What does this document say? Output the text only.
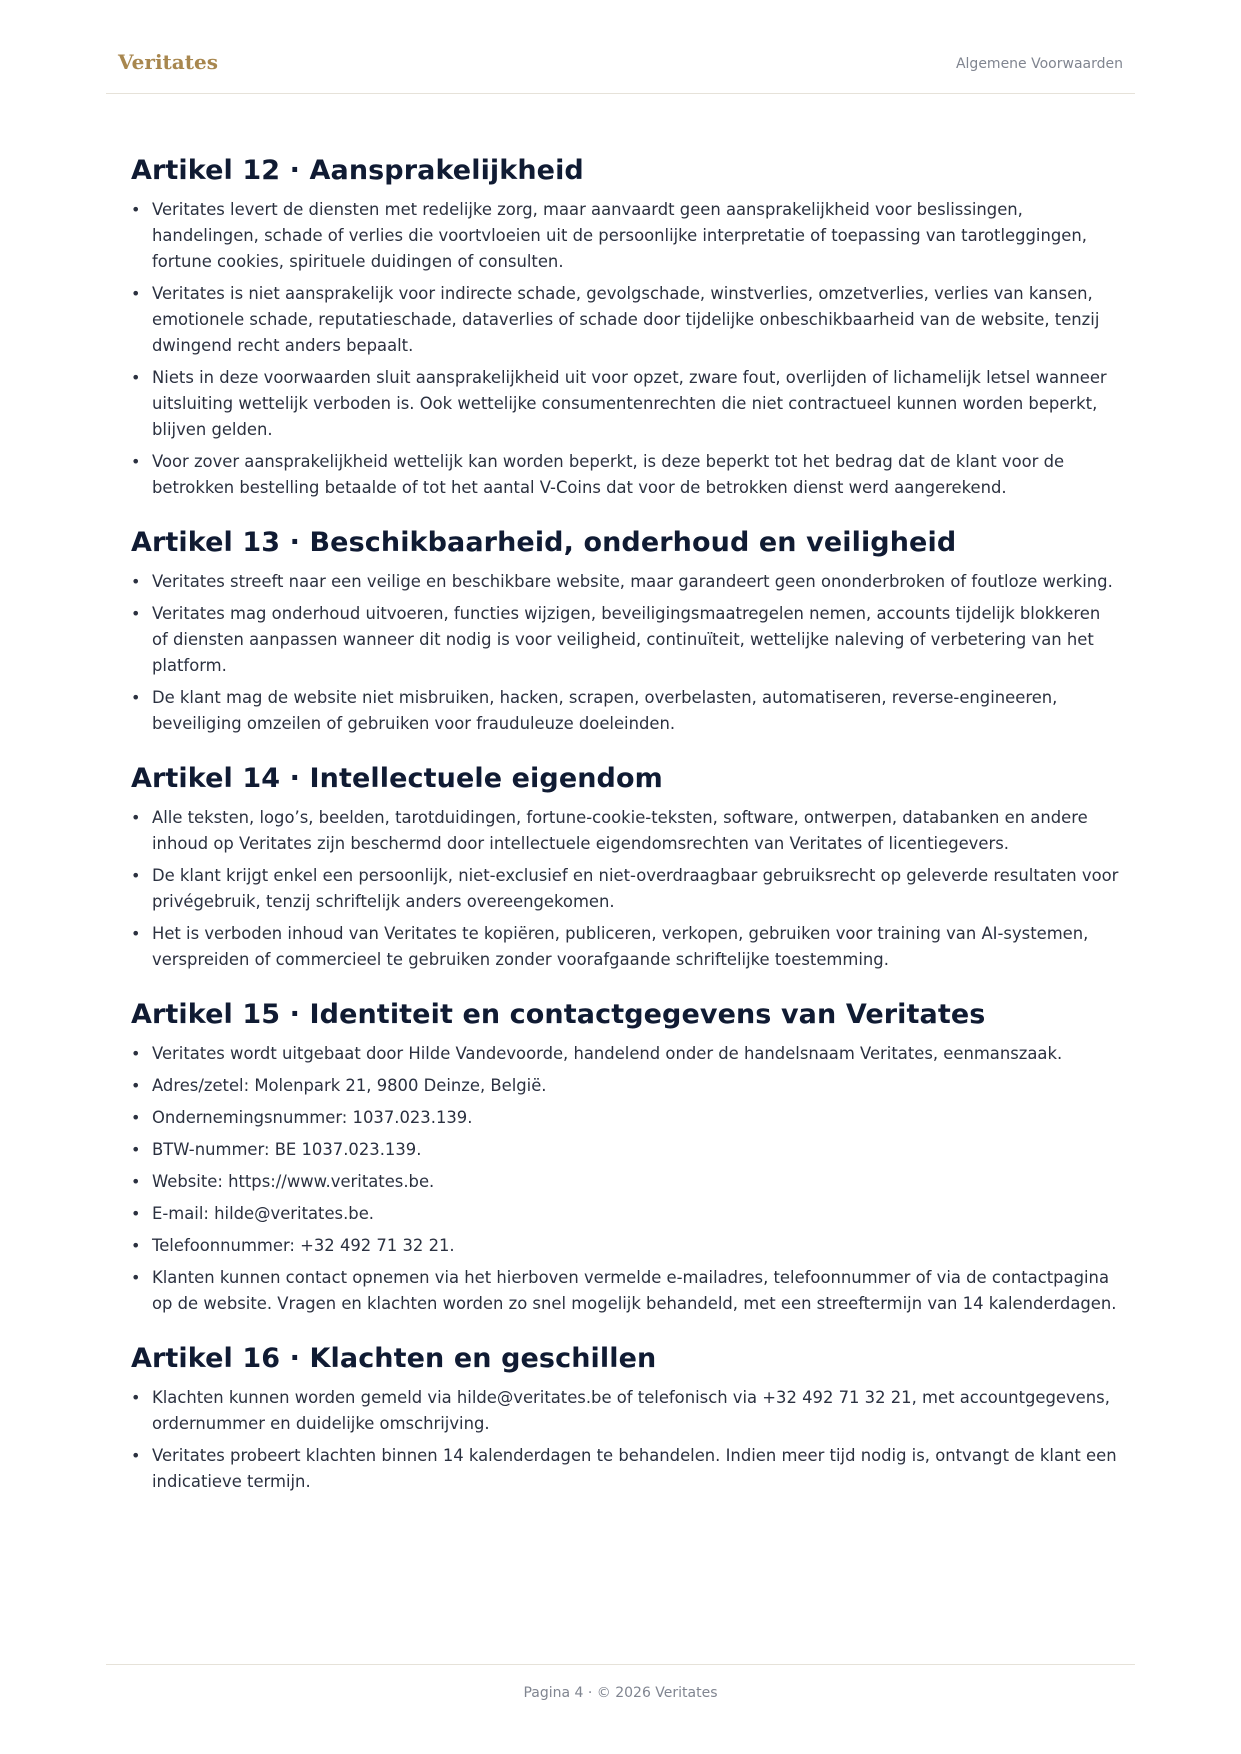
Veritates	Algemene Voorwaarden
Artikel 12 · Aansprakelijkheid
• Veritates levert de diensten met redelijke zorg, maar aanvaardt geen aansprakelijkheid voor beslissingen, handelingen, schade of verlies die voortvloeien uit de persoonlijke interpretatie of toepassing van tarotleggingen, fortune cookies, spirituele duidingen of consulten.
• Veritates is niet aansprakelijk voor indirecte schade, gevolgschade, winstverlies, omzetverlies, verlies van kansen, emotionele schade, reputatieschade, dataverlies of schade door tijdelijke onbeschikbaarheid van de website, tenzij dwingend recht anders bepaalt.
• Niets in deze voorwaarden sluit aansprakelijkheid uit voor opzet, zware fout, overlijden of lichamelijk letsel wanneer uitsluiting wettelijk verboden is. Ook wettelijke consumentenrechten die niet contractueel kunnen worden beperkt, blijven gelden.
• Voor zover aansprakelijkheid wettelijk kan worden beperkt, is deze beperkt tot het bedrag dat de klant voor de betrokken bestelling betaalde of tot het aantal V-Coins dat voor de betrokken dienst werd aangerekend.
Artikel 13 · Beschikbaarheid, onderhoud en veiligheid
• Veritates streeft naar een veilige en beschikbare website, maar garandeert geen ononderbroken of foutloze werking.
• Veritates mag onderhoud uitvoeren, functies wijzigen, beveiligingsmaatregelen nemen, accounts tijdelijk blokkeren of diensten aanpassen wanneer dit nodig is voor veiligheid, continuïteit, wettelijke naleving of verbetering van het platform.
• De klant mag de website niet misbruiken, hacken, scrapen, overbelasten, automatiseren, reverse-engineeren, beveiliging omzeilen of gebruiken voor frauduleuze doeleinden.
Artikel 14 · Intellectuele eigendom
• Alle teksten, logo’s, beelden, tarotduidingen, fortune-cookie-teksten, software, ontwerpen, databanken en andere inhoud op Veritates zijn beschermd door intellectuele eigendomsrechten van Veritates of licentiegevers.
• De klant krijgt enkel een persoonlijk, niet-exclusief en niet-overdraagbaar gebruiksrecht op geleverde resultaten voor privégebruik, tenzij schriftelijk anders overeengekomen.
• Het is verboden inhoud van Veritates te kopiëren, publiceren, verkopen, gebruiken voor training van AI-systemen, verspreiden of commercieel te gebruiken zonder voorafgaande schriftelijke toestemming.
Artikel 15 · Identiteit en contactgegevens van Veritates
• Veritates wordt uitgebaat door Hilde Vandevoorde, handelend onder de handelsnaam Veritates, eenmanszaak.
• Adres/zetel: Molenpark 21, 9800 Deinze, België.
• Ondernemingsnummer: 1037.023.139.
• BTW-nummer: BE 1037.023.139.
• Website: https://www.veritates.be.
• E-mail: hilde@veritates.be.
• Telefoonnummer: +32 492 71 32 21.
• Klanten kunnen contact opnemen via het hierboven vermelde e-mailadres, telefoonnummer of via de contactpagina op de website. Vragen en klachten worden zo snel mogelijk behandeld, met een streeftermijn van 14 kalenderdagen.
Artikel 16 · Klachten en geschillen
• Klachten kunnen worden gemeld via hilde@veritates.be of telefonisch via +32 492 71 32 21, met accountgegevens, ordernummer en duidelijke omschrijving.
• Veritates probeert klachten binnen 14 kalenderdagen te behandelen. Indien meer tijd nodig is, ontvangt de klant een indicatieve termijn.
Pagina 4 · © 2026 Veritates
